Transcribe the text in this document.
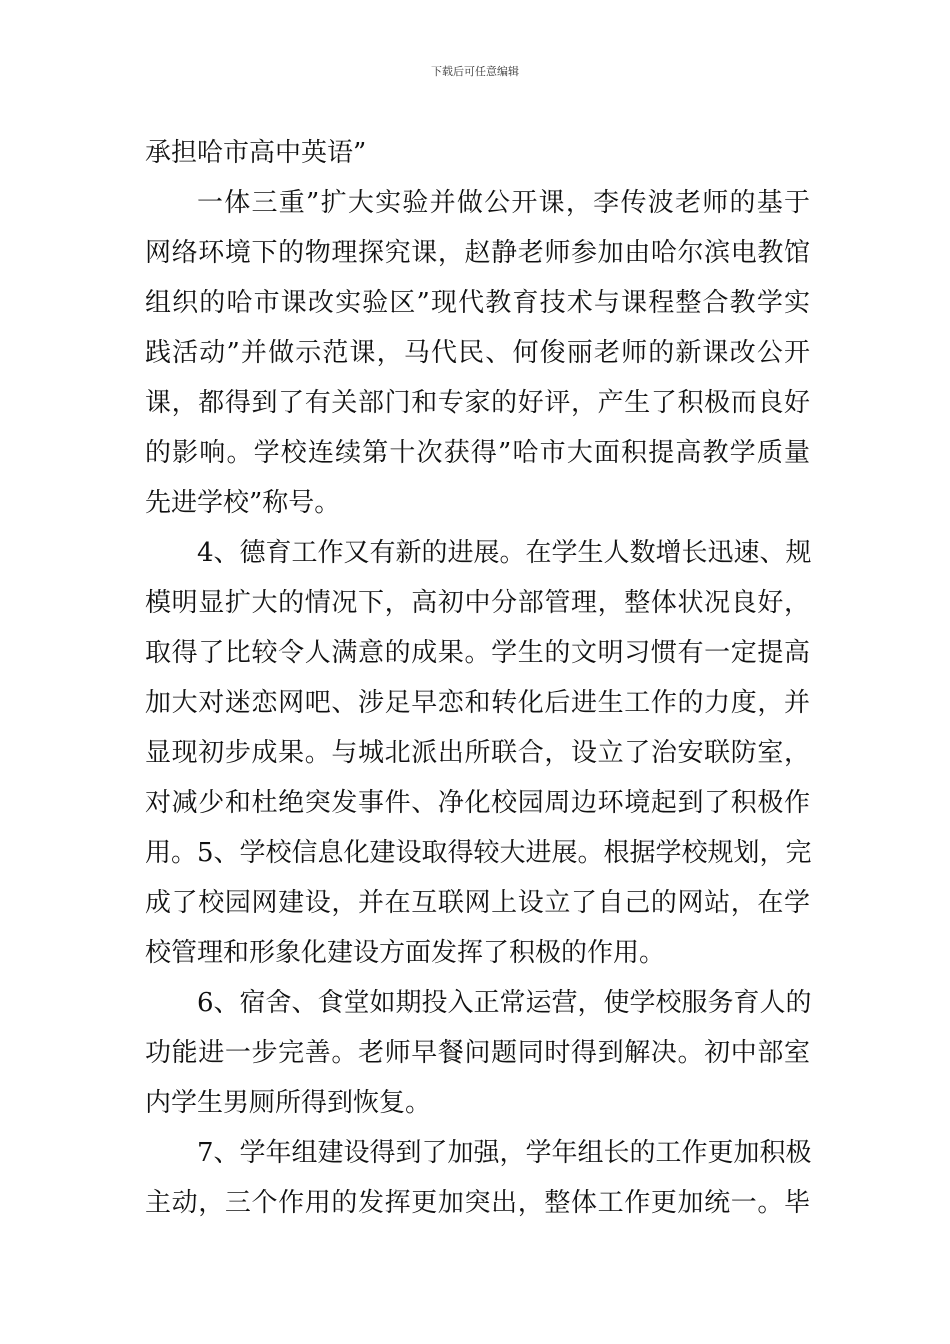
下载后可任意编辑
承担哈市高中英语”
一体三重”扩大实验并做公开课，李传波老师的基于
网络环境下的物理探究课，赵静老师参加由哈尔滨电教馆
组织的哈市课改实验区”现代教育技术与课程整合教学实
践活动”并做示范课，马代民、何俊丽老师的新课改公开
课，都得到了有关部门和专家的好评，产生了积极而良好
的影响。学校连续第十次获得”哈市大面积提高教学质量
先进学校”称号。
4、德育工作又有新的进展。在学生人数增长迅速、规
模明显扩大的情况下，高初中分部管理，整体状况良好，
取得了比较令人满意的成果。学生的文明习惯有一定提高
加大对迷恋网吧、涉足早恋和转化后进生工作的力度，并
显现初步成果。与城北派出所联合，设立了治安联防室，
对减少和杜绝突发事件、净化校园周边环境起到了积极作
用。5、学校信息化建设取得较大进展。根据学校规划，完
成了校园网建设，并在互联网上设立了自己的网站，在学
校管理和形象化建设方面发挥了积极的作用。
6、宿舍、食堂如期投入正常运营，使学校服务育人的
功能进一步完善。老师早餐问题同时得到解决。初中部室
内学生男厕所得到恢复。
7、学年组建设得到了加强，学年组长的工作更加积极
主动，三个作用的发挥更加突出，整体工作更加统一。毕
